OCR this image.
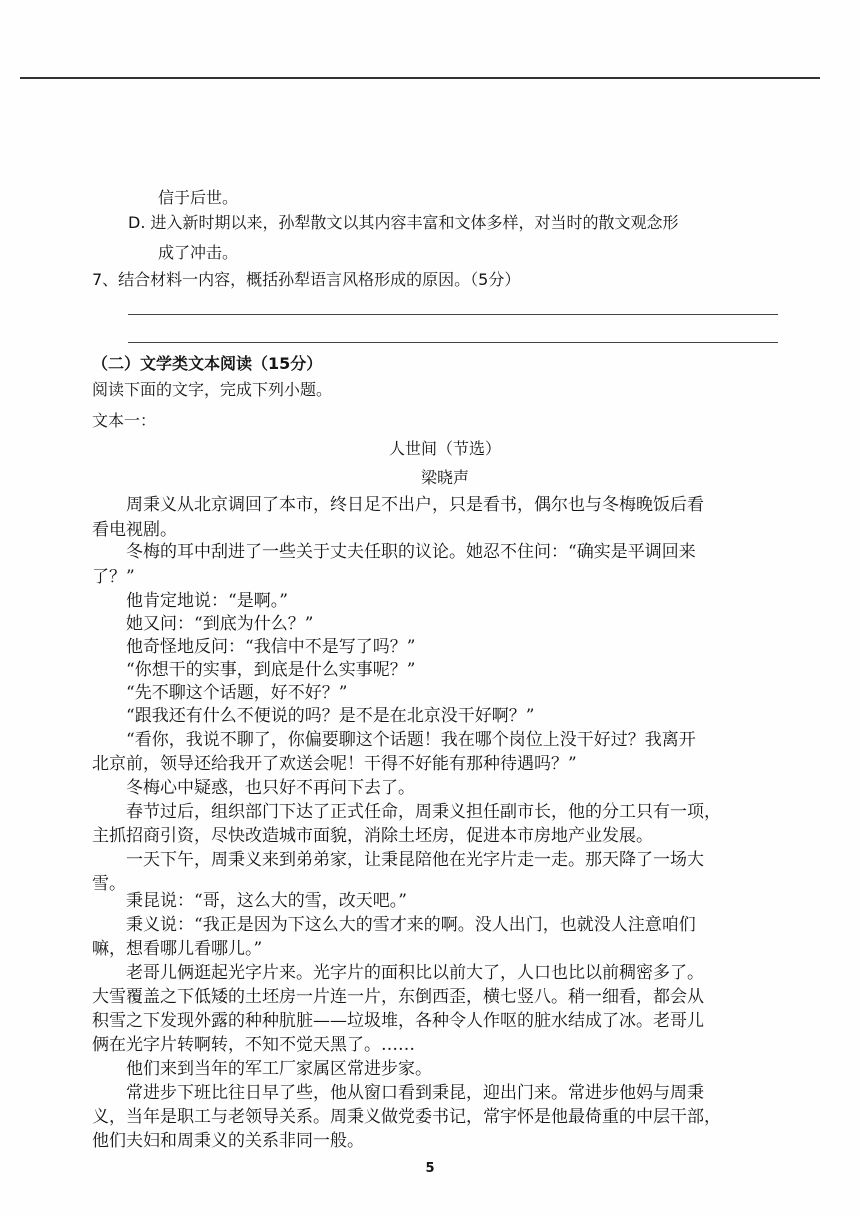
信于后世。
D. 进入新时期以来，孙犁散文以其内容丰富和文体多样，对当时的散文观念形
成了冲击。
7、结合材料一内容，概括孙犁语言风格形成的原因。（5分）
（二）文学类文本阅读（15分）
阅读下面的文字，完成下列小题。
文本一：
人世间（节选）
梁晓声
周秉义从北京调回了本市，终日足不出户，只是看书，偶尔也与冬梅晚饭后看
看电视剧。
冬梅的耳中刮进了一些关于丈夫任职的议论。她忍不住问：“确实是平调回来
了？”
他肯定地说：“是啊。”
她又问：“到底为什么？”
他奇怪地反问：“我信中不是写了吗？”
“你想干的实事，到底是什么实事呢？”
“先不聊这个话题，好不好？”
“跟我还有什么不便说的吗？是不是在北京没干好啊？”
“看你，我说不聊了，你偏要聊这个话题！我在哪个岗位上没干好过？我离开
北京前，领导还给我开了欢送会呢！干得不好能有那种待遇吗？”
冬梅心中疑惑，也只好不再问下去了。
春节过后，组织部门下达了正式任命，周秉义担任副市长，他的分工只有一项，
主抓招商引资，尽快改造城市面貌，消除土坯房，促进本市房地产业发展。
一天下午，周秉义来到弟弟家，让秉昆陪他在光字片走一走。那天降了一场大
雪。
秉昆说：“哥，这么大的雪，改天吧。”
秉义说：“我正是因为下这么大的雪才来的啊。没人出门，也就没人注意咱们
嘛，想看哪儿看哪儿。”
老哥儿俩逛起光字片来。光字片的面积比以前大了，人口也比以前稠密多了。
大雪覆盖之下低矮的土坯房一片连一片，东倒西歪，横七竖八。稍一细看，都会从
积雪之下发现外露的种种肮脏——垃圾堆，各种令人作呕的脏水结成了冰。老哥儿
俩在光字片转啊转，不知不觉天黑了。……
他们来到当年的军工厂家属区常进步家。
常进步下班比往日早了些，他从窗口看到秉昆，迎出门来。常进步他妈与周秉
义，当年是职工与老领导关系。周秉义做党委书记，常宇怀是他最倚重的中层干部，
他们夫妇和周秉义的关系非同一般。
5
